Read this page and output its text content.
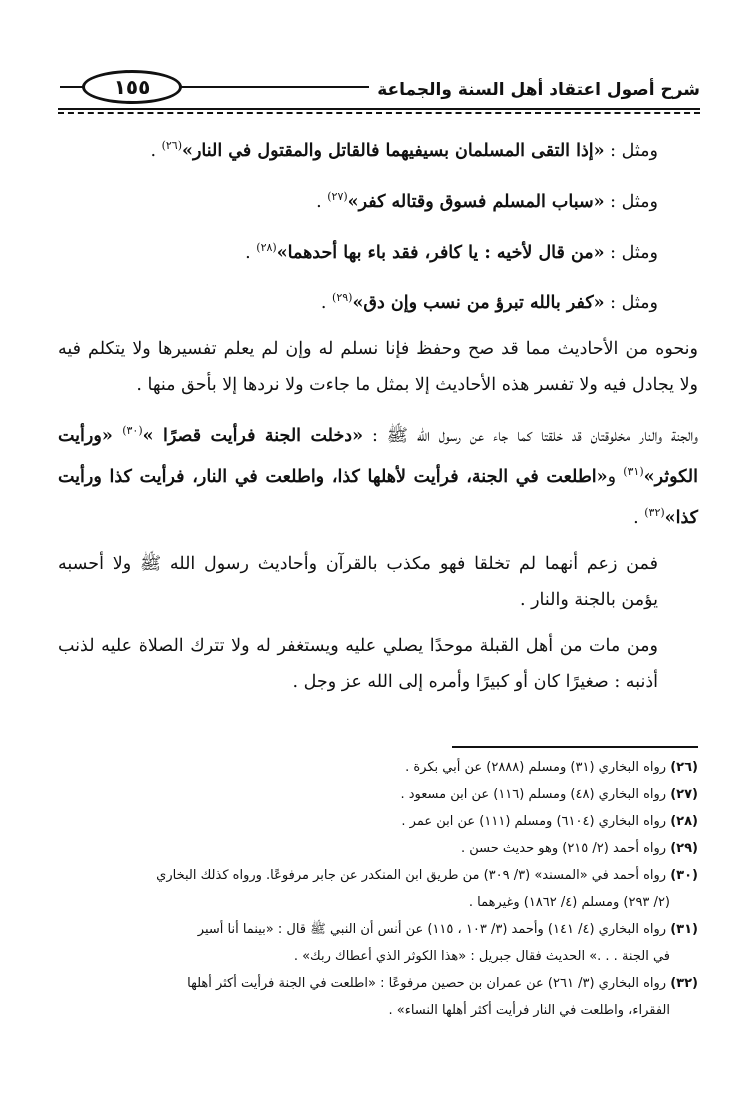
شرح أصول اعتقاد أهل السنة والجماعة
١٥٥

ومثل : «إذا التقى المسلمان بسيفيهما فالقاتل والمقتول في النار»$^{(٢٦)}$ .

ومثل : «سباب المسلم فسوق وقتاله كفر»$^{(٢٧)}$ .

ومثل : «من قال لأخيه : يا كافر، فقد باء بها أحدهما»$^{(٢٨)}$ .

ومثل : «كفر بالله تبرؤ من نسب وإن دق»$^{(٢٩)}$ .

ونحوه من الأحاديث مما قد صح وحفظ فإنا نسلم له وإن لم يعلم تفسيرها ولا يتكلم فيه ولا يجادل فيه ولا تفسر هذه الأحاديث إلا بمثل ما جاءت ولا نردها إلا بأحق منها .

والجنة والنار مخلوقتان قد خلقتا كما جاء عن رسول الله ﷺ : «دخلت الجنة فرأيت قصرًا »$^{(٣٠)}$ «ورأيت الكوثر»$^{(٣١)}$ و«اطلعت في الجنة، فرأيت لأهلها كذا، واطلعت في النار، فرأيت كذا ورأيت كذا»$^{(٣٢)}$ .

فمن زعم أنهما لم تخلقا فهو مكذب بالقرآن وأحاديث رسول الله ﷺ ولا أحسبه يؤمن بالجنة والنار .

ومن مات من أهل القبلة موحدًا يصلي عليه ويستغفر له ولا تترك الصلاة عليه لذنب أذنبه : صغيرًا كان أو كبيرًا وأمره إلى الله عز وجل .

(٢٦) رواه البخاري (٣١) ومسلم (٢٨٨٨) عن أبي بكرة .

(٢٧) رواه البخاري (٤٨) ومسلم (١١٦) عن ابن مسعود .

(٢٨) رواه البخاري (٦١٠٤) ومسلم (١١١) عن ابن عمر .

(٢٩) رواه أحمد (٢/ ٢١٥) وهو حديث حسن .

(٣٠) رواه أحمد في «المسند» (٣/ ٣٠٩) من طريق ابن المنكدر عن جابر مرفوعًا. ورواه كذلك البخاري
(٢/ ٢٩٣) ومسلم (٤/ ١٨٦٢) وغيرهما .

(٣١) رواه البخاري (٤/ ١٤١) وأحمد (٣/ ١٠٣ ، ١١٥) عن أنس أن النبي ﷺ قال : «بينما أنا أسير
في الجنة . . .» الحديث فقال جبريل : «هذا الكوثر الذي أعطاك ربك» .

(٣٢) رواه البخاري (٣/ ٢٦١) عن عمران بن حصين مرفوعًا : «اطلعت في الجنة فرأيت أكثر أهلها
الفقراء، واطلعت في النار فرأيت أكثر أهلها النساء» .
